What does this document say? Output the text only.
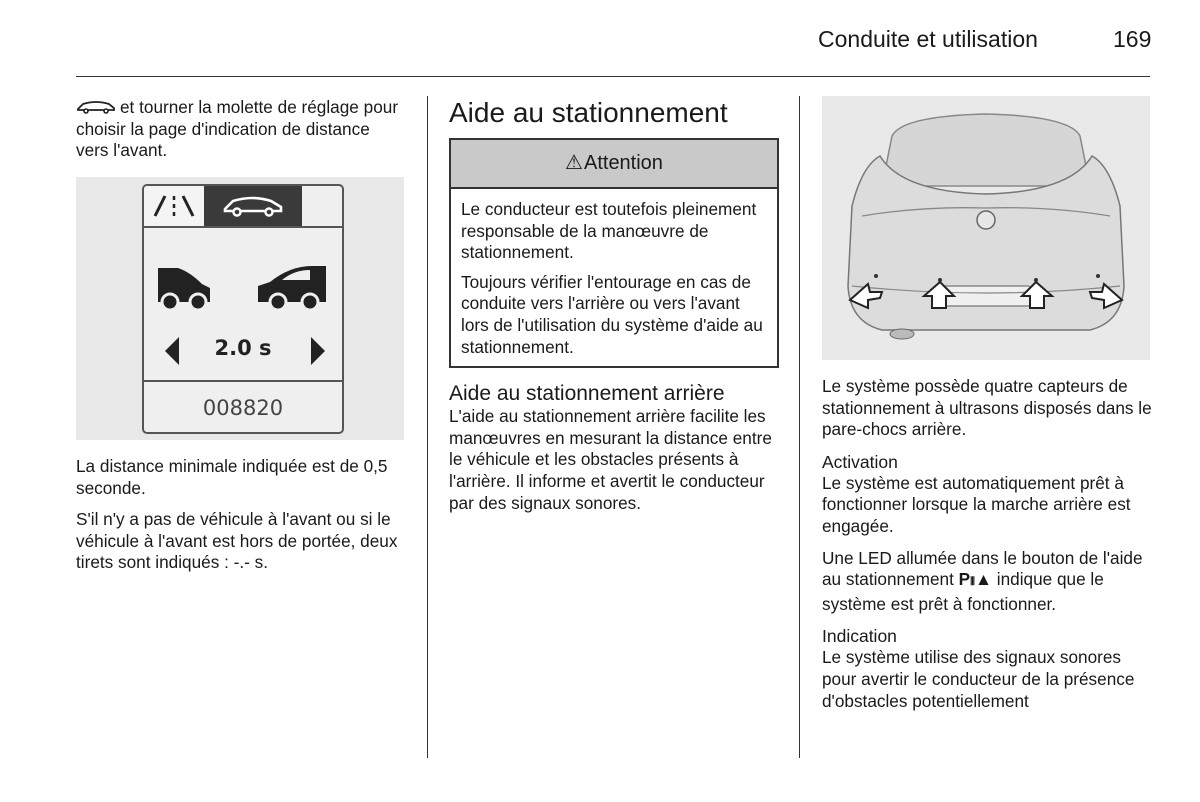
Conduite et utilisation	169

et tourner la molette de réglage pour choisir la page d'indication de distance vers l'avant.

2.0 s
008820

La distance minimale indiquée est de 0,5 seconde.

S'il n'y a pas de véhicule à l'avant ou si le véhicule à l'avant est hors de portée, deux tirets sont indiqués : -.- s.

Aide au stationnement
⚠ Attention

Le conducteur est toutefois pleinement responsable de la manœuvre de stationnement.

Toujours vérifier l'entourage en cas de conduite vers l'arrière ou vers l'avant lors de l'utilisation du système d'aide au stationnement.

Aide au stationnement arrière

L'aide au stationnement arrière facilite les manœuvres en mesurant la distance entre le véhicule et les obstacles présents à l'arrière. Il informe et avertit le conducteur par des signaux sonores.

Le système possède quatre capteurs de stationnement à ultrasons disposés dans le pare-chocs arrière.

Activation

Le système est automatiquement prêt à fonctionner lorsque la marche arrière est engagée.

Une LED allumée dans le bouton de l'aide au stationnement P⦀▲ indique que le système est prêt à fonctionner.

Indication

Le système utilise des signaux sonores pour avertir le conducteur de la présence d'obstacles potentiellement
